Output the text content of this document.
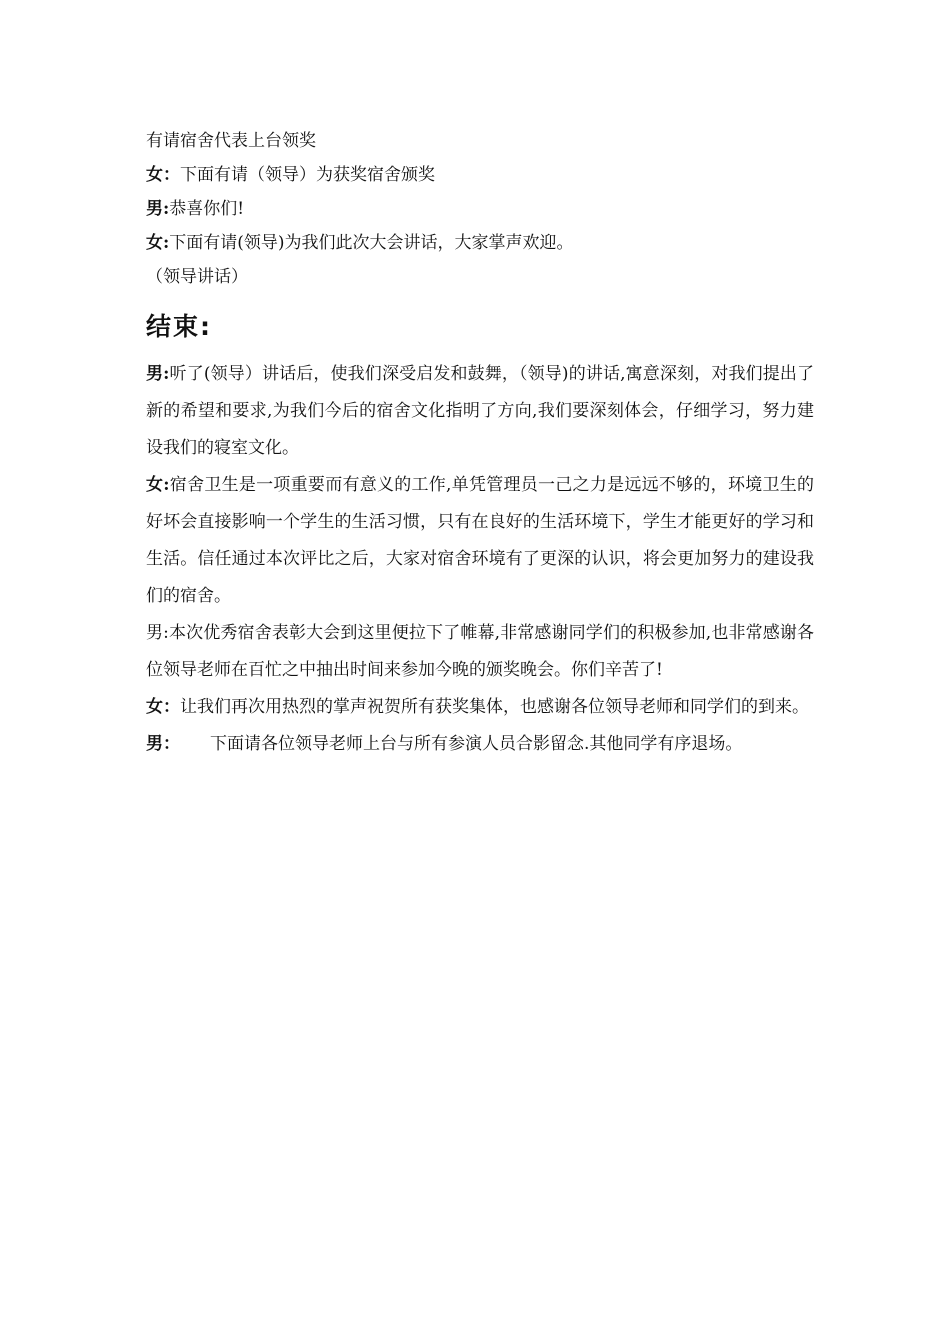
有请宿舍代表上台领奖
女：下面有请（领导）为获奖宿舍颁奖
男:恭喜你们!
女:下面有请(领导)为我们此次大会讲话，大家掌声欢迎。
（领导讲话）
结束:
男:听了(领导）讲话后，使我们深受启发和鼓舞，（领导)的讲话,寓意深刻，对我们提出了新的希望和要求,为我们今后的宿舍文化指明了方向,我们要深刻体会，仔细学习，努力建设我们的寝室文化。
女:宿舍卫生是一项重要而有意义的工作,单凭管理员一己之力是远远不够的，环境卫生的好坏会直接影响一个学生的生活习惯，只有在良好的生活环境下，学生才能更好的学习和生活。信任通过本次评比之后，大家对宿舍环境有了更深的认识，将会更加努力的建设我们的宿舍。
男:本次优秀宿舍表彰大会到这里便拉下了帷幕,非常感谢同学们的积极参加,也非常感谢各位领导老师在百忙之中抽出时间来参加今晚的颁奖晚会。你们辛苦了!
女：让我们再次用热烈的掌声祝贺所有获奖集体，也感谢各位领导老师和同学们的到来。
男： 下面请各位领导老师上台与所有参演人员合影留念.其他同学有序退场。
